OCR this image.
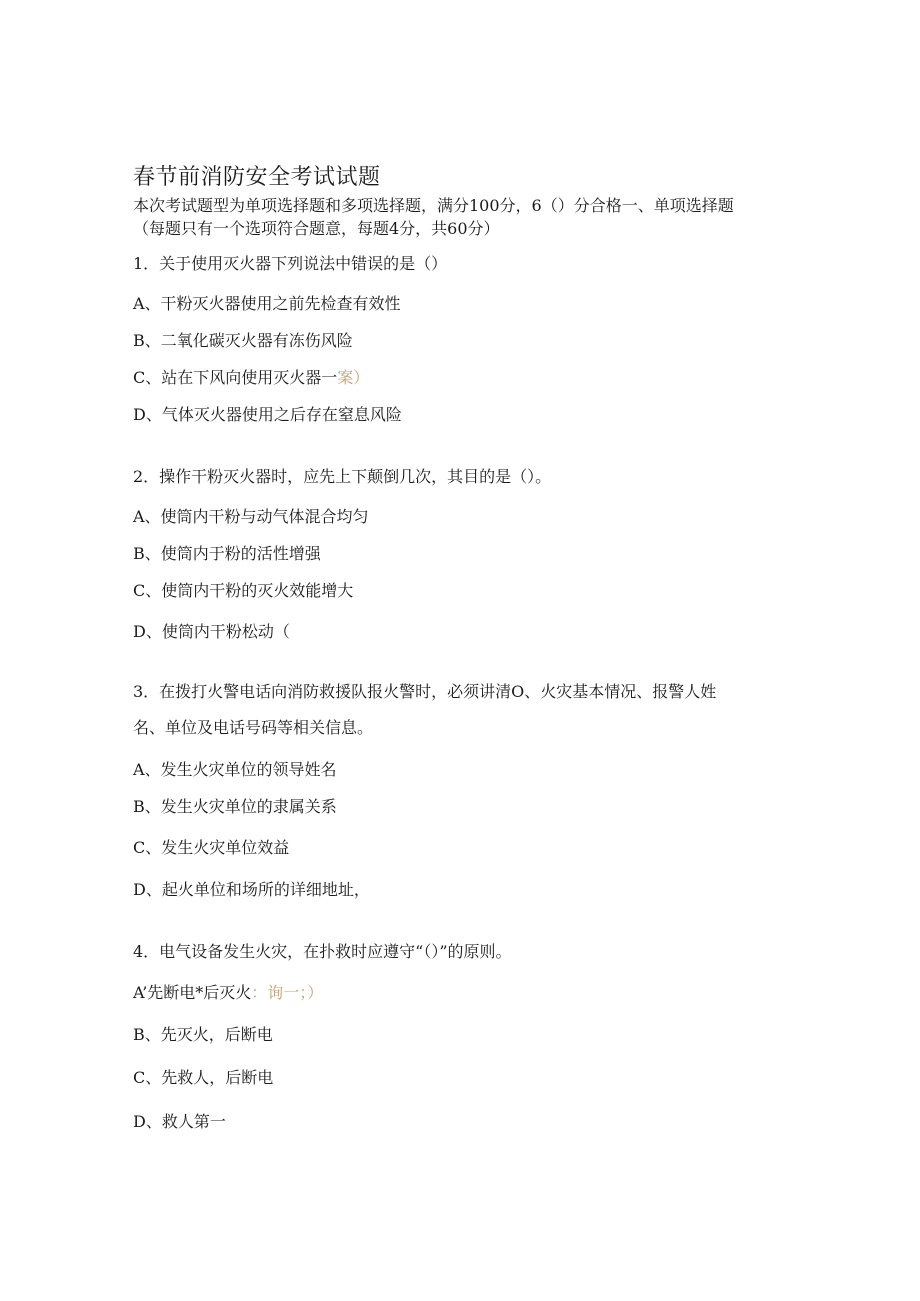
春节前消防安全考试试题
本次考试题型为单项选择题和多项选择题，满分100分，6（）分合格一、单项选择题
（每题只有一个选项符合题意，每题4分，共60分）
1．关于使用灭火器下列说法中错误的是（）
A、干粉灭火器使用之前先检查有效性
B、二氧化碳灭火器有冻伤风险
C、站在下风向使用灭火器一案）
D、气体灭火器使用之后存在窒息风险
2．操作干粉灭火器时，应先上下颠倒几次，其目的是（）。
A、使筒内干粉与动气体混合均匀
B、使筒内于粉的活性增强
C、使筒内干粉的灭火效能增大
D、使筒内干粉松动（
3．在拨打火警电话向消防救援队报火警时，必须讲清O、火灾基本情况、报警人姓
名、单位及电话号码等相关信息。
A、发生火灾单位的领导姓名
B、发生火灾单位的隶属关系
C、发生火灾单位效益
D、起火单位和场所的详细地址，
4．电气设备发生火灾，在扑救时应遵守“（）”的原则。
A’先断电*后灭火：询一；）
B、先灭火，后断电
C、先救人，后断电
D、救人第一
